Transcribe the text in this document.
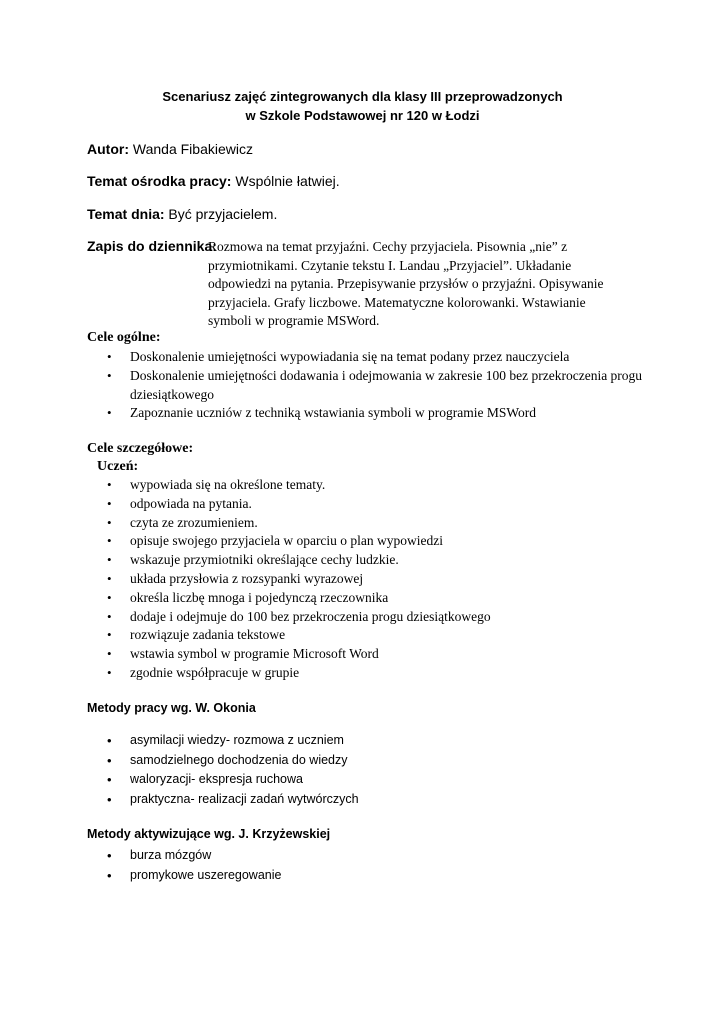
Scenariusz zajęć zintegrowanych dla klasy III przeprowadzonych
w Szkole Podstawowej nr 120 w Łodzi
Autor: Wanda Fibakiewicz
Temat ośrodka pracy: Wspólnie łatwiej.
Temat dnia: Być przyjacielem.
Zapis do dziennika:
Rozmowa na temat przyjaźni. Cechy przyjaciela. Pisownia „nie” z przymiotnikami. Czytanie tekstu I. Landau „Przyjaciel”. Układanie odpowiedzi na pytania. Przepisywanie przysłów o przyjaźni. Opisywanie przyjaciela. Grafy liczbowe. Matematyczne kolorowanki. Wstawianie symboli w programie MSWord.
Cele ogólne:
• Doskonalenie umiejętności wypowiadania się na temat podany przez nauczyciela
• Doskonalenie umiejętności dodawania i odejmowania w zakresie 100 bez przekroczenia progu dziesiątkowego
• Zapoznanie uczniów z techniką wstawiania symboli w programie MSWord
Cele szczegółowe:
Uczeń:
• wypowiada się na określone tematy.
• odpowiada na pytania.
• czyta ze zrozumieniem.
• opisuje swojego przyjaciela w oparciu o plan wypowiedzi
• wskazuje przymiotniki określające cechy ludzkie.
• układa przysłowia z rozsypanki wyrazowej
• określa liczbę mnoga i pojedynczą rzeczownika
• dodaje i odejmuje do 100 bez przekroczenia progu dziesiątkowego
• rozwiązuje zadania tekstowe
• wstawia symbol w programie Microsoft Word
• zgodnie współpracuje w grupie
Metody pracy wg. W. Okonia
• asymilacji wiedzy- rozmowa z uczniem
• samodzielnego dochodzenia do wiedzy
• waloryzacji- ekspresja ruchowa
• praktyczna- realizacji zadań wytwórczych
Metody aktywizujące wg. J. Krzyżewskiej
• burza mózgów
• promykowe uszeregowanie
